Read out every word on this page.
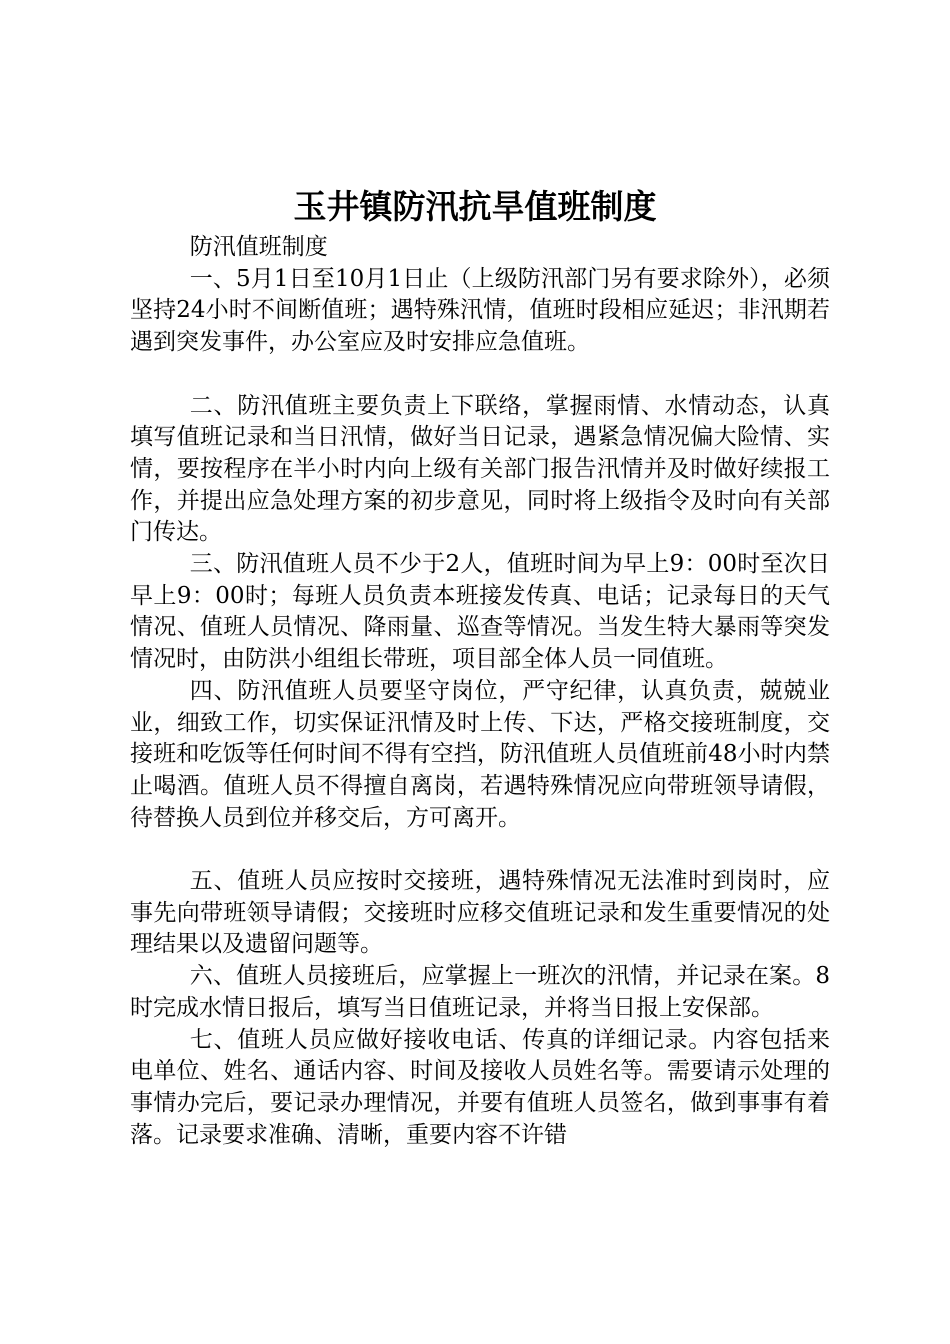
玉井镇防汛抗旱值班制度

防汛值班制度

一、5月1日至10月1日止（上级防汛部门另有要求除外），必须坚持24小时不间断值班；遇特殊汛情，值班时段相应延迟；非汛期若遇到突发事件，办公室应及时安排应急值班。

二、防汛值班主要负责上下联络，掌握雨情、水情动态，认真填写值班记录和当日汛情，做好当日记录，遇紧急情况偏大险情、实情，要按程序在半小时内向上级有关部门报告汛情并及时做好续报工作，并提出应急处理方案的初步意见，同时将上级指令及时向有关部门传达。

三、防汛值班人员不少于2人，值班时间为早上9：00时至次日早上9：00时；每班人员负责本班接发传真、电话；记录每日的天气情况、值班人员情况、降雨量、巡查等情况。当发生特大暴雨等突发情况时，由防洪小组组长带班，项目部全体人员一同值班。

四、防汛值班人员要坚守岗位，严守纪律，认真负责，兢兢业业，细致工作，切实保证汛情及时上传、下达，严格交接班制度，交接班和吃饭等任何时间不得有空挡，防汛值班人员值班前48小时内禁止喝酒。值班人员不得擅自离岗，若遇特殊情况应向带班领导请假，待替换人员到位并移交后，方可离开。

五、值班人员应按时交接班，遇特殊情况无法准时到岗时，应事先向带班领导请假；交接班时应移交值班记录和发生重要情况的处理结果以及遗留问题等。

六、值班人员接班后，应掌握上一班次的汛情，并记录在案。8时完成水情日报后，填写当日值班记录，并将当日报上安保部。

七、值班人员应做好接收电话、传真的详细记录。内容包括来电单位、姓名、通话内容、时间及接收人员姓名等。需要请示处理的事情办完后，要记录办理情况，并要有值班人员签名，做到事事有着落。记录要求准确、清晰，重要内容不许错
